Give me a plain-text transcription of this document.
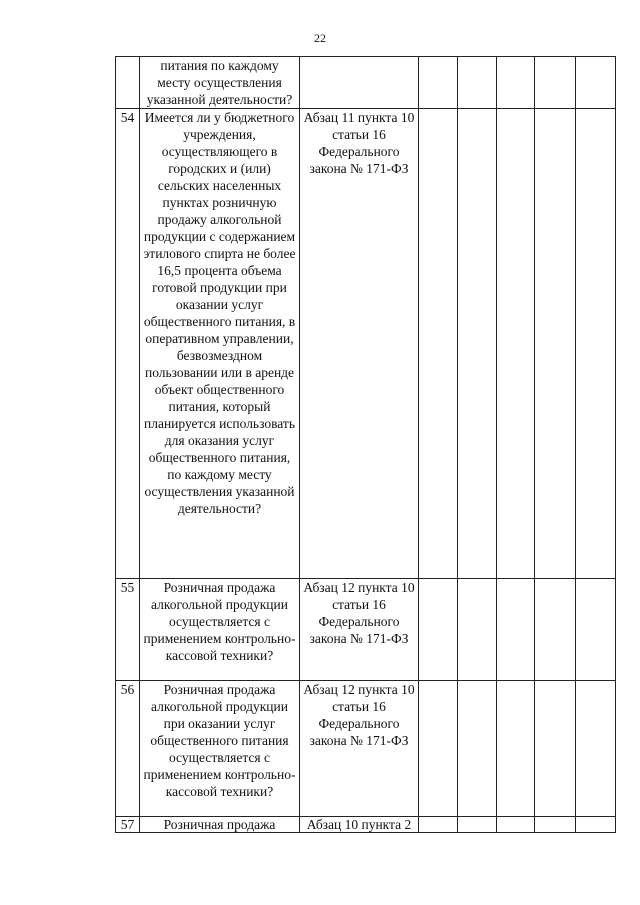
22
	питания по каждому месту осуществления указанной деятельности?						
54	Имеется ли у бюджетного учреждения, осуществляющего в городских и (или) сельских населенных пунктах розничную продажу алкогольной продукции с содержанием этилового спирта не более 16,5 процента объема готовой продукции при оказании услуг общественного питания, в оперативном управлении, безвозмездном пользовании или в аренде объект общественного питания, который планируется использовать для оказания услуг общественного питания, по каждому месту осуществления указанной деятельности?	Абзац 11 пункта 10 статьи 16 Федерального закона № 171-ФЗ					
55	Розничная продажа алкогольной продукции осуществляется с применением контрольно-кассовой техники?	Абзац 12 пункта 10 статьи 16 Федерального закона № 171-ФЗ					
56	Розничная продажа алкогольной продукции при оказании услуг общественного питания осуществляется с применением контрольно-кассовой техники?	Абзац 12 пункта 10 статьи 16 Федерального закона № 171-ФЗ					
57	Розничная продажа	Абзац 10 пункта 2					
